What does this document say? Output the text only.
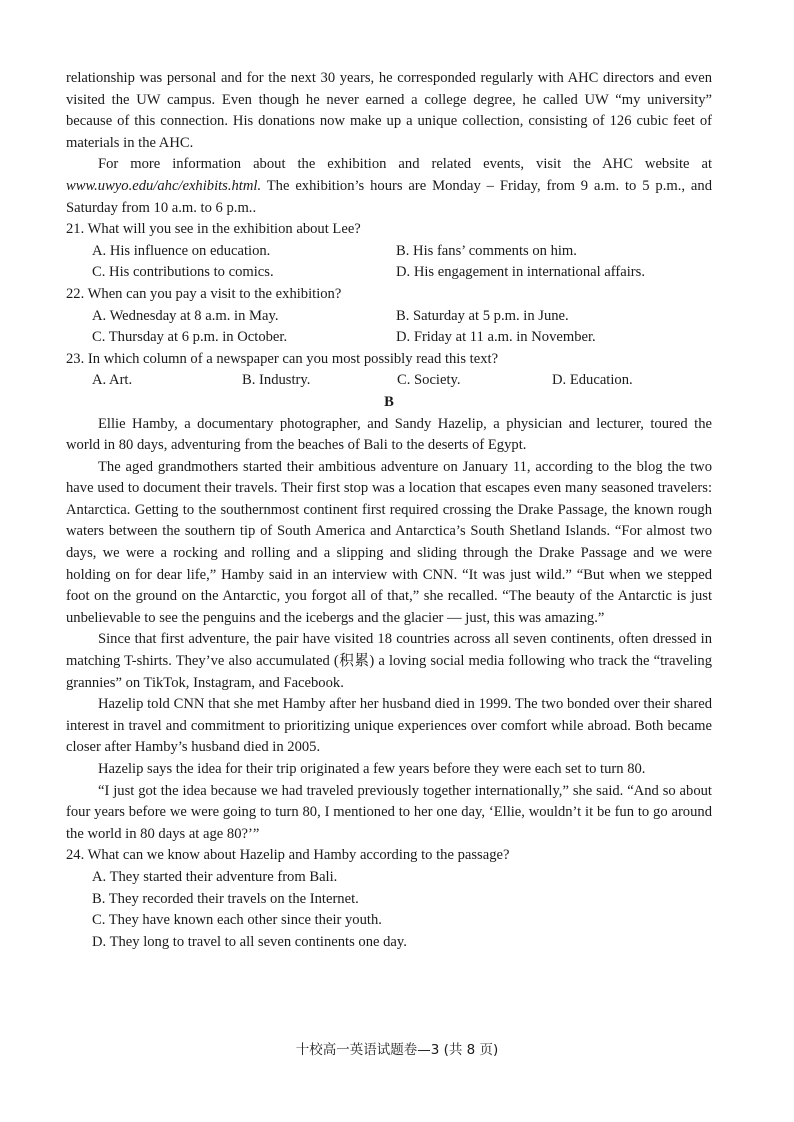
relationship was personal and for the next 30 years, he corresponded regularly with AHC directors and even visited the UW campus. Even though he never earned a college degree, he called UW “my university” because of this connection. His donations now make up a unique collection, consisting of 126 cubic feet of materials in the AHC.

For more information about the exhibition and related events, visit the AHC website at www.uwyo.edu/ahc/exhibits.html. The exhibition’s hours are Monday – Friday, from 9 a.m. to 5 p.m., and Saturday from 10 a.m. to 6 p.m..

21. What will you see in the exhibition about Lee?
A. His influence on education.	B. His fans’ comments on him.
C. His contributions to comics.	D. His engagement in international affairs.
22. When can you pay a visit to the exhibition?
A. Wednesday at 8 a.m. in May.	B. Saturday at 5 p.m. in June.
C. Thursday at 6 p.m. in October.	D. Friday at 11 a.m. in November.
23. In which column of a newspaper can you most possibly read this text?
A. Art.	B. Industry.	C. Society.	D. Education.
B

Ellie Hamby, a documentary photographer, and Sandy Hazelip, a physician and lecturer, toured the world in 80 days, adventuring from the beaches of Bali to the deserts of Egypt.

The aged grandmothers started their ambitious adventure on January 11, according to the blog the two have used to document their travels. Their first stop was a location that escapes even many seasoned travelers: Antarctica. Getting to the southernmost continent first required crossing the Drake Passage, the known rough waters between the southern tip of South America and Antarctica’s South Shetland Islands. “For almost two days, we were a rocking and rolling and a slipping and sliding through the Drake Passage and we were holding on for dear life,” Hamby said in an interview with CNN. “It was just wild.” “But when we stepped foot on the ground on the Antarctic, you forgot all of that,” she recalled. “The beauty of the Antarctic is just unbelievable to see the penguins and the icebergs and the glacier — just, this was amazing.”

Since that first adventure, the pair have visited 18 countries across all seven continents, often dressed in matching T-shirts. They’ve also accumulated (积累) a loving social media following who track the “traveling grannies” on TikTok, Instagram, and Facebook.

Hazelip told CNN that she met Hamby after her husband died in 1999. The two bonded over their shared interest in travel and commitment to prioritizing unique experiences over comfort while abroad. Both became closer after Hamby’s husband died in 2005.

Hazelip says the idea for their trip originated a few years before they were each set to turn 80.

“I just got the idea because we had traveled previously together internationally,” she said. “And so about four years before we were going to turn 80, I mentioned to her one day, ‘Ellie, wouldn’t it be fun to go around the world in 80 days at age 80?’”

24. What can we know about Hazelip and Hamby according to the passage?
A. They started their adventure from Bali.
B. They recorded their travels on the Internet.
C. They have known each other since their youth.
D. They long to travel to all seven continents one day.
十校高一英语试题卷—3 (共 8 页)
